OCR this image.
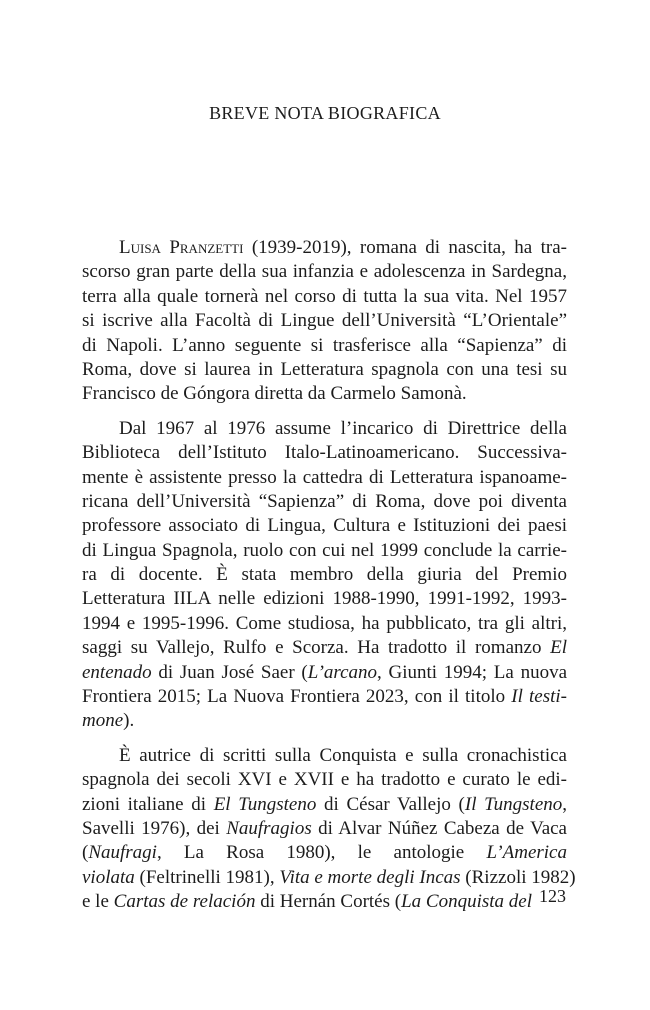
BREVE NOTA BIOGRAFICA
Luisa Pranzetti (1939-2019), romana di nascita, ha tra-
scorso gran parte della sua infanzia e adolescenza in Sardegna,
terra alla quale tornerà nel corso di tutta la sua vita. Nel 1957
si iscrive alla Facoltà di Lingue dell’Università “L’Orientale”
di Napoli. L’anno seguente si trasferisce alla “Sapienza” di
Roma, dove si laurea in Letteratura spagnola con una tesi su
Francisco de Góngora diretta da Carmelo Samonà.
Dal 1967 al 1976 assume l’incarico di Direttrice della
Biblioteca dell’Istituto Italo-Latinoamericano. Successiva-
mente è assistente presso la cattedra di Letteratura ispanoame-
ricana dell’Università “Sapienza” di Roma, dove poi diventa
professore associato di Lingua, Cultura e Istituzioni dei paesi
di Lingua Spagnola, ruolo con cui nel 1999 conclude la carrie-
ra di docente. È stata membro della giuria del Premio
Letteratura IILA nelle edizioni 1988-1990, 1991-1992, 1993-
1994 e 1995-1996. Come studiosa, ha pubblicato, tra gli altri,
saggi su Vallejo, Rulfo e Scorza. Ha tradotto il romanzo El
entenado di Juan José Saer (L’arcano, Giunti 1994; La nuova
Frontiera 2015; La Nuova Frontiera 2023, con il titolo Il testi-
mone).
È autrice di scritti sulla Conquista e sulla cronachistica
spagnola dei secoli XVI e XVII e ha tradotto e curato le edi-
zioni italiane di El Tungsteno di César Vallejo (Il Tungsteno,
Savelli 1976), dei Naufragios di Alvar Núñez Cabeza de Vaca
(Naufragi, La Rosa 1980), le antologie L’America
violata (Feltrinelli 1981), Vita e morte degli Incas (Rizzoli 1982)
e le Cartas de relación di Hernán Cortés (La Conquista del 123
